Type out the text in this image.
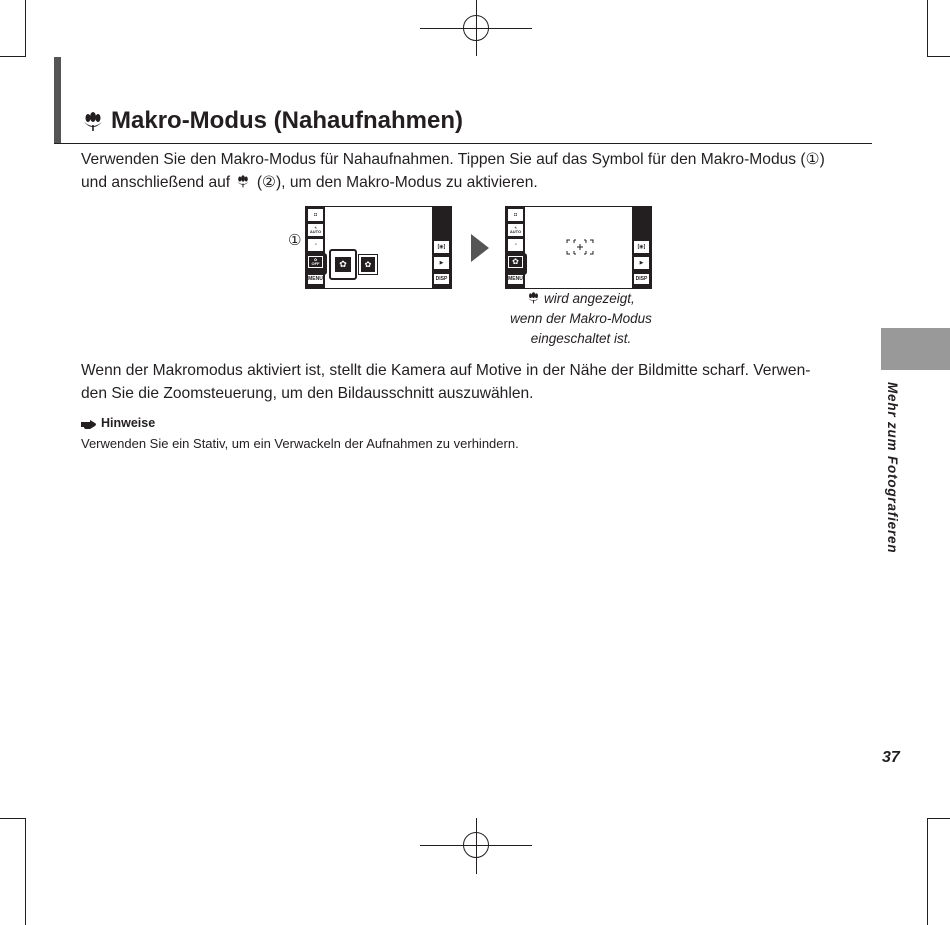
Makro-Modus (Nahaufnahmen)

Verwenden Sie den Makro-Modus für Nahaufnahmen. Tippen Sie auf das Symbol für den Makro-Modus (①)
und anschließend auf (②), um den Makro-Modus zu aktivieren.

①
◘
ϟ
AUTO
◔
✿
OFF
MENU
[◉]
▶
DISP
✿	✿
◘
ϟ
AUTO
◔
✿
MENU
[◉]
▶
DISP
wird angezeigt,
wenn der Makro-Modus
eingeschaltet ist.

Wenn der Makromodus aktiviert ist, stellt die Kamera auf Motive in der Nähe der Bildmitte scharf. Verwen-
den Sie die Zoomsteuerung, um den Bildausschnitt auszuwählen.

Hinweise
Verwenden Sie ein Stativ, um ein Verwackeln der Aufnahmen zu verhindern.	Mehr zum Fotografieren
37
